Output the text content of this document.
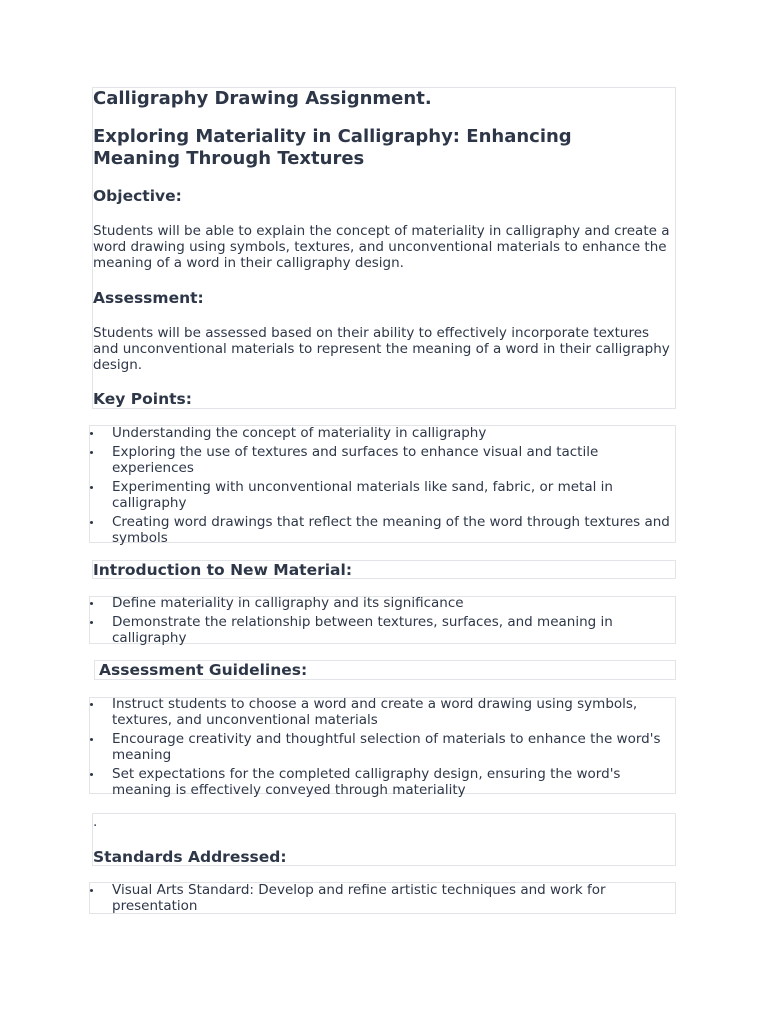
Calligraphy Drawing Assignment.
Exploring Materiality in Calligraphy: Enhancing Meaning Through Textures
Objective:

Students will be able to explain the concept of materiality in calligraphy and create a word drawing using symbols, textures, and unconventional materials to enhance the meaning of a word in their calligraphy design.

Assessment:

Students will be assessed based on their ability to effectively incorporate textures and unconventional materials to represent the meaning of a word in their calligraphy design.

Key Points:
Understanding the concept of materiality in calligraphy
Exploring the use of textures and surfaces to enhance visual and tactile experiences
Experimenting with unconventional materials like sand, fabric, or metal in calligraphy
Creating word drawings that reflect the meaning of the word through textures and symbols
Introduction to New Material:
Define materiality in calligraphy and its significance
Demonstrate the relationship between textures, surfaces, and meaning in calligraphy
Assessment Guidelines:
Instruct students to choose a word and create a word drawing using symbols, textures, and unconventional materials
Encourage creativity and thoughtful selection of materials to enhance the word's meaning
Set expectations for the completed calligraphy design, ensuring the word's meaning is effectively conveyed through materiality
.
Standards Addressed:
Visual Arts Standard: Develop and refine artistic techniques and work for presentation
